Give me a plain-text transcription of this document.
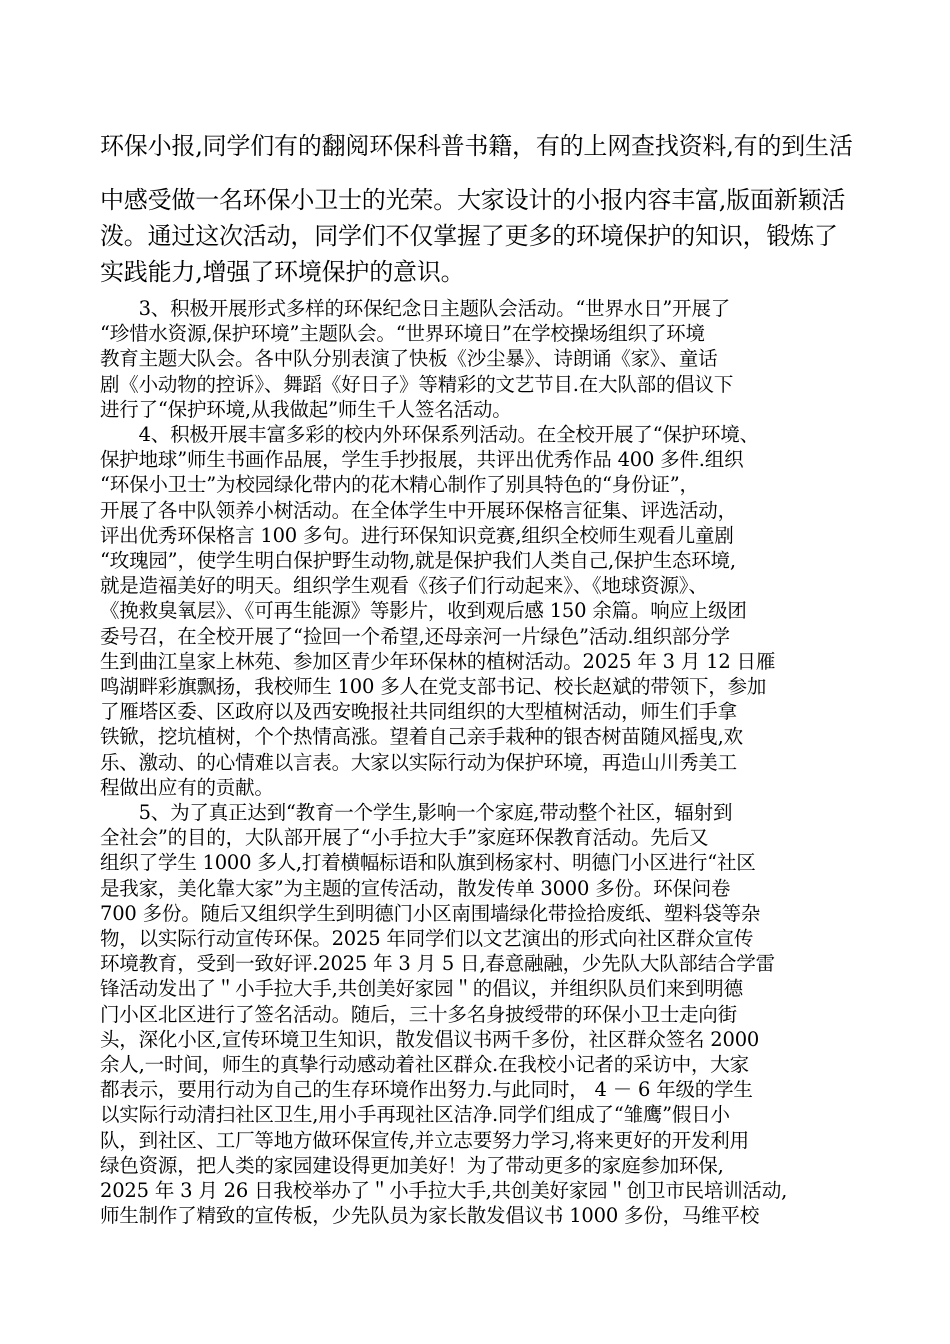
环保小报,同学们有的翻阅环保科普书籍，有的上网查找资料,有的到生活
中感受做一名环保小卫士的光荣。大家设计的小报内容丰富,版面新颖活
泼。通过这次活动，同学们不仅掌握了更多的环境保护的知识，锻炼了
实践能力,增强了环境保护的意识。
　　3、积极开展形式多样的环保纪念日主题队会活动。“世界水日”开展了
“珍惜水资源,保护环境”主题队会。“世界环境日”在学校操场组织了环境
教育主题大队会。各中队分别表演了快板《沙尘暴》、诗朗诵《家》、童话
剧《小动物的控诉》、舞蹈《好日子》等精彩的文艺节目.在大队部的倡议下
进行了“保护环境,从我做起”师生千人签名活动。
　　4、积极开展丰富多彩的校内外环保系列活动。在全校开展了“保护环境、
保护地球”师生书画作品展，学生手抄报展，共评出优秀作品 400 多件.组织
“环保小卫士”为校园绿化带内的花木精心制作了别具特色的“身份证”，
开展了各中队领养小树活动。在全体学生中开展环保格言征集、评选活动，
评出优秀环保格言 100 多句。进行环保知识竞赛,组织全校师生观看儿童剧
“玫瑰园”，使学生明白保护野生动物,就是保护我们人类自己,保护生态环境,
就是造福美好的明天。组织学生观看《孩子们行动起来》、《地球资源》、
《挽救臭氧层》、《可再生能源》等影片，收到观后感 150 余篇。响应上级团
委号召，在全校开展了“捡回一个希望,还母亲河一片绿色”活动.组织部分学
生到曲江皇家上林苑、参加区青少年环保林的植树活动。2025 年 3 月 12 日雁
鸣湖畔彩旗飘扬，我校师生 100 多人在党支部书记、校长赵斌的带领下，参加
了雁塔区委、区政府以及西安晚报社共同组织的大型植树活动，师生们手拿
铁锨，挖坑植树，个个热情高涨。望着自己亲手栽种的银杏树苗随风摇曳,欢
乐、激动、的心情难以言表。大家以实际行动为保护环境，再造山川秀美工
程做出应有的贡献。
　　5、为了真正达到“教育一个学生,影响一个家庭,带动整个社区，辐射到
全社会”的目的，大队部开展了“小手拉大手”家庭环保教育活动。先后又
组织了学生 1000 多人,打着横幅标语和队旗到杨家村、明德门小区进行“社区
是我家，美化靠大家”为主题的宣传活动，散发传单 3000 多份。环保问卷
700 多份。随后又组织学生到明德门小区南围墙绿化带捡拾废纸、塑料袋等杂
物，以实际行动宣传环保。2025 年同学们以文艺演出的形式向社区群众宣传
环境教育，受到一致好评.2025 年 3 月 5 日,春意融融，少先队大队部结合学雷
锋活动发出了＂小手拉大手,共创美好家园＂的倡议，并组织队员们来到明德
门小区北区进行了签名活动。随后，三十多名身披绶带的环保小卫士走向街
头，深化小区,宣传环境卫生知识，散发倡议书两千多份，社区群众签名 2000
余人,一时间，师生的真挚行动感动着社区群众.在我校小记者的采访中，大家
都表示，要用行动为自己的生存环境作出努力.与此同时， 4 － 6 年级的学生
以实际行动清扫社区卫生,用小手再现社区洁净.同学们组成了“雏鹰”假日小
队，到社区、工厂等地方做环保宣传,并立志要努力学习,将来更好的开发利用
绿色资源，把人类的家园建设得更加美好！为了带动更多的家庭参加环保,
2025 年 3 月 26 日我校举办了＂小手拉大手,共创美好家园＂创卫市民培训活动,
师生制作了精致的宣传板，少先队员为家长散发倡议书 1000 多份，马维平校
